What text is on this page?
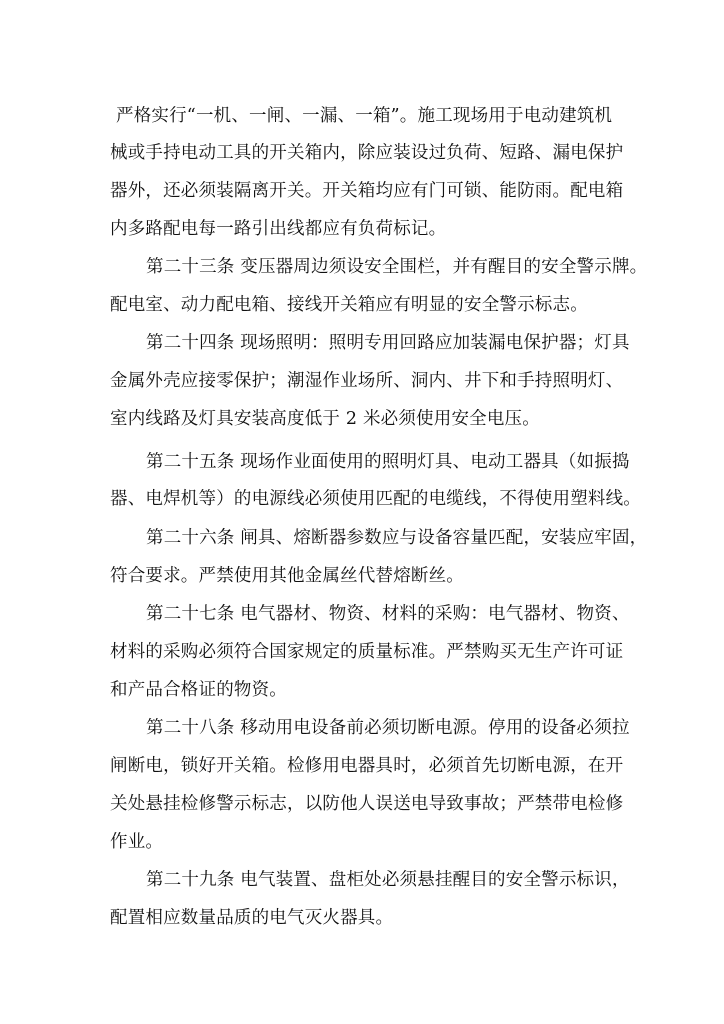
严格实行“一机、一闸、一漏、一箱”。施工现场用于电动建筑机
械或手持电动工具的开关箱内，除应装设过负荷、短路、漏电保护
器外，还必须装隔离开关。开关箱均应有门可锁、能防雨。配电箱
内多路配电每一路引出线都应有负荷标记。
第二十三条 变压器周边须设安全围栏，并有醒目的安全警示牌。
配电室、动力配电箱、接线开关箱应有明显的安全警示标志。
第二十四条 现场照明：照明专用回路应加装漏电保护器；灯具
金属外壳应接零保护；潮湿作业场所、洞内、井下和手持照明灯、
室内线路及灯具安装高度低于 2 米必须使用安全电压。
第二十五条 现场作业面使用的照明灯具、电动工器具（如振捣
器、电焊机等）的电源线必须使用匹配的电缆线，不得使用塑料线。
第二十六条 闸具、熔断器参数应与设备容量匹配，安装应牢固，
符合要求。严禁使用其他金属丝代替熔断丝。
第二十七条 电气器材、物资、材料的采购：电气器材、物资、
材料的采购必须符合国家规定的质量标准。严禁购买无生产许可证
和产品合格证的物资。
第二十八条 移动用电设备前必须切断电源。停用的设备必须拉
闸断电，锁好开关箱。检修用电器具时，必须首先切断电源，在开
关处悬挂检修警示标志，以防他人误送电导致事故；严禁带电检修
作业。
第二十九条 电气装置、盘柜处必须悬挂醒目的安全警示标识，
配置相应数量品质的电气灭火器具。
